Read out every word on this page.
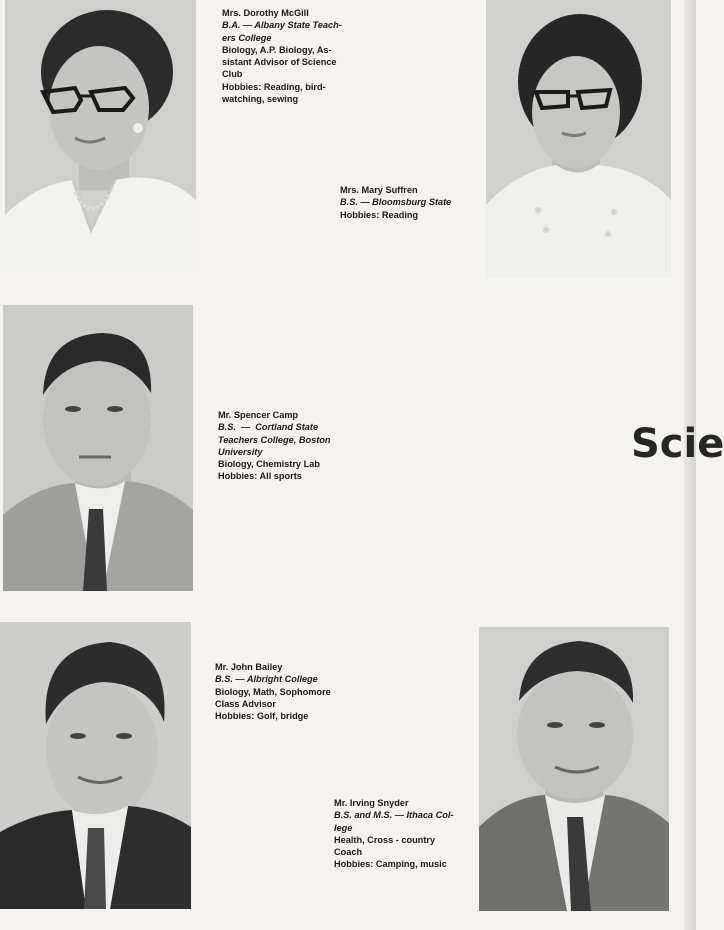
Mrs. Dorothy McGill
B.A. — Albany State Teach-
ers College
Biology, A.P. Biology, As-
sistant Advisor of Science
Club
Hobbies: Reading, bird-
watching, sewing
Mrs. Mary Suffren
B.S. — Bloomsburg State
Hobbies: Reading
Mr. Spencer Camp
B.S.  —  Cortland State
Teachers College, Boston
University
Biology, Chemistry Lab
Hobbies: All sports
Scie
Mr. John Bailey
B.S. — Albright College
Biology, Math, Sophomore
Class Advisor
Hobbies: Golf, bridge
Mr. Irving Snyder
B.S. and M.S. — Ithaca Col-
lege
Health, Cross - country
Coach
Hobbies: Camping, music
